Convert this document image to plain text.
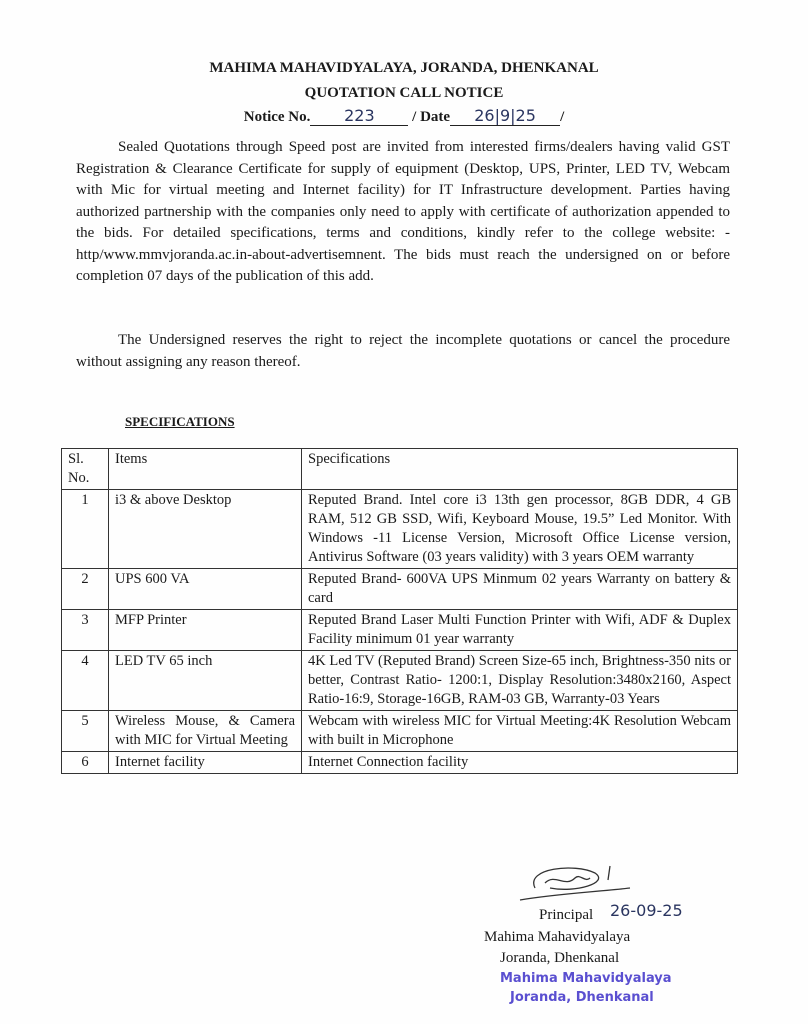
MAHIMA MAHAVIDYALAYA, JORANDA, DHENKANAL
QUOTATION CALL NOTICE
Notice No. 223 / Date 26|9|25 /
Sealed Quotations through Speed post are invited from interested firms/dealers having valid GST Registration & Clearance Certificate for supply of equipment (Desktop, UPS, Printer, LED TV, Webcam with Mic for virtual meeting and Internet facility) for IT Infrastructure development. Parties having authorized partnership with the companies only need to apply with certificate of authorization appended to the bids. For detailed specifications, terms and conditions, kindly refer to the college website: - http/www.mmvjoranda.ac.in-about-advertisemnent. The bids must reach the undersigned on or before completion 07 days of the publication of this add.
The Undersigned reserves the right to reject the incomplete quotations or cancel the procedure without assigning any reason thereof.
SPECIFICATIONS
Sl. No.	Items	Specifications
1	i3 & above Desktop	Reputed Brand. Intel core i3 13th gen processor, 8GB DDR, 4 GB RAM, 512 GB SSD, Wifi, Keyboard Mouse, 19.5” Led Monitor. With Windows -11 License Version, Microsoft Office License version, Antivirus Software (03 years validity) with 3 years OEM warranty
2	UPS 600 VA	Reputed Brand- 600VA UPS Minmum 02 years Warranty on battery & card
3	MFP Printer	Reputed Brand Laser Multi Function Printer with Wifi, ADF & Duplex Facility minimum 01 year warranty
4	LED TV 65 inch	4K Led TV (Reputed Brand) Screen Size-65 inch, Brightness-350 nits or better, Contrast Ratio- 1200:1, Display Resolution:3480x2160, Aspect Ratio-16:9, Storage-16GB, RAM-03 GB, Warranty-03 Years
5	Wireless Mouse, & Camera with MIC for Virtual Meeting	Webcam with wireless MIC for Virtual Meeting:4K Resolution Webcam with built in Microphone
6	Internet facility	Internet Connection facility
Principal 26-09-25
Mahima Mahavidyalaya
Joranda, Dhenkanal
Mahima Mahavidyalaya
Joranda, Dhenkanal
